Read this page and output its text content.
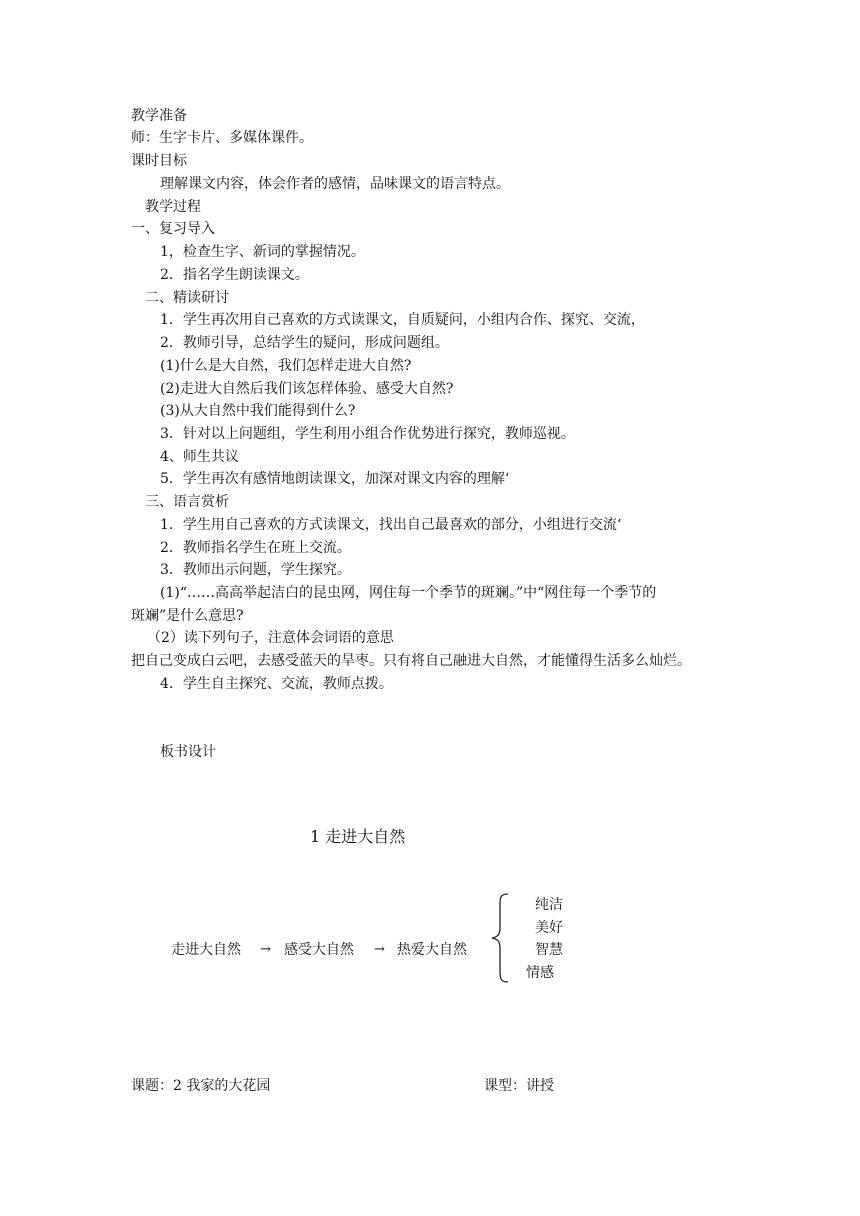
教学准备
师：生字卡片、多媒体课件。
课时目标
理解课文内容，体会作者的感情，品味课文的语言特点。
教学过程
一、复习导入
1，检查生字、新词的掌握情况。
2．指名学生朗读课文。
二、精读研讨
1．学生再次用自己喜欢的方式读课文，自质疑问，小组内合作、探究、交流，
2．教师引导，总结学生的疑问，形成问题组。
(1)什么是大自然，我们怎样走进大自然?
(2)走进大自然后我们该怎样体验、感受大自然?
(3)从大自然中我们能得到什么?
3．针对以上问题组，学生利用小组合作优势进行探究，教师巡视。
4、师生共议
5．学生再次有感情地朗读课文，加深对课文内容的理解‘
三、语言赏析
1．学生用自己喜欢的方式读课文，找出自己最喜欢的部分，小组进行交流‘
2．教师指名学生在班上交流。
3．教师出示问题，学生探究。
(1)“……高高举起洁白的昆虫网，网住每一个季节的斑斓。”中“网住每一个季节的
斑斓”是什么意思?
（2）读下列句子，注意体会词语的意思
把自己变成白云吧，去感受蓝天的旱枣。只有将自己融进大自然，才能懂得生活多么灿烂。
4．学生自主探究、交流，教师点拨。
板书设计
1 走进大自然
走进大自然 → 感受大自然 → 热爱大自然
纯洁
美好
智慧
情感
课题：2 我家的大花园	课型：讲授
